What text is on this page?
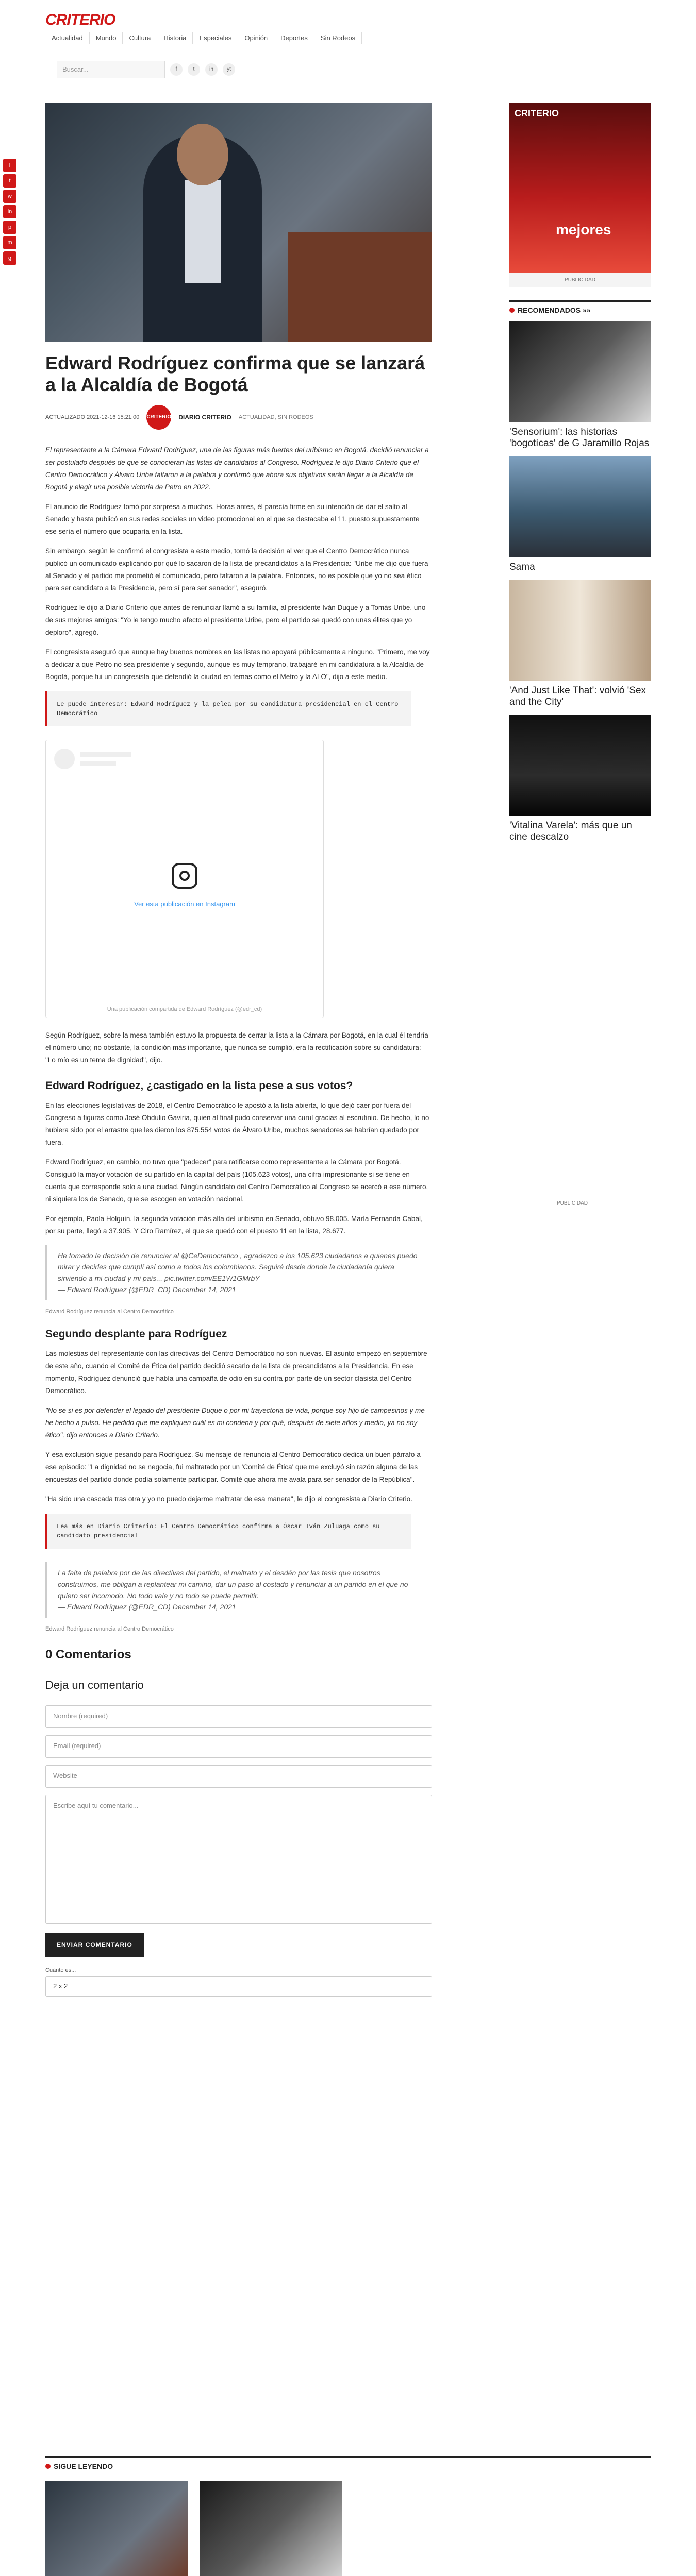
CRITERIO
Actualidad	Mundo	Cultura	Historia	Especiales	Opinión	Deportes	Sin Rodeos
Buscar...	f	t	in	yt
f
t
w
in
p
m
g
Edward Rodríguez confirma que se lanzará a la Alcaldía de Bogotá
ACTUALIZADO 2021-12-16 15:21:00 CRITERIO DIARIO CRITERIO ACTUALIDAD, SIN RODEOS

El representante a la Cámara Edward Rodríguez, una de las figuras más fuertes del uribismo en Bogotá, decidió renunciar a ser postulado después de que se conocieran las listas de candidatos al Congreso. Rodríguez le dijo Diario Criterio que el Centro Democrático y Álvaro Uribe faltaron a la palabra y confirmó que ahora sus objetivos serán llegar a la Alcaldía de Bogotá y elegir una posible victoria de Petro en 2022.

El anuncio de Rodríguez tomó por sorpresa a muchos. Horas antes, él parecía firme en su intención de dar el salto al Senado y hasta publicó en sus redes sociales un video promocional en el que se destacaba el 11, puesto supuestamente ese sería el número que ocuparía en la lista.

Sin embargo, según le confirmó el congresista a este medio, tomó la decisión al ver que el Centro Democrático nunca publicó un comunicado explicando por qué lo sacaron de la lista de precandidatos a la Presidencia: "Uribe me dijo que fuera al Senado y el partido me prometió el comunicado, pero faltaron a la palabra. Entonces, no es posible que yo no sea ético para ser candidato a la Presidencia, pero sí para ser senador", aseguró.

Rodríguez le dijo a Diario Criterio que antes de renunciar llamó a su familia, al presidente Iván Duque y a Tomás Uribe, uno de sus mejores amigos: "Yo le tengo mucho afecto al presidente Uribe, pero el partido se quedó con unas élites que yo deploro", agregó.

El congresista aseguró que aunque hay buenos nombres en las listas no apoyará públicamente a ninguno. "Primero, me voy a dedicar a que Petro no sea presidente y segundo, aunque es muy temprano, trabajaré en mi candidatura a la Alcaldía de Bogotá, porque fui un congresista que defendió la ciudad en temas como el Metro y la ALO", dijo a este medio.

Le puede interesar: Edward Rodríguez y la pelea por su candidatura presidencial en el Centro Democrático
Ver esta publicación en Instagram
Una publicación compartida de Edward Rodríguez (@edr_cd)

Según Rodríguez, sobre la mesa también estuvo la propuesta de cerrar la lista a la Cámara por Bogotá, en la cual él tendría el número uno; no obstante, la condición más importante, que nunca se cumplió, era la rectificación sobre su candidatura: "Lo mío es un tema de dignidad", dijo.

Edward Rodríguez, ¿castigado en la lista pese a sus votos?

En las elecciones legislativas de 2018, el Centro Democrático le apostó a la lista abierta, lo que dejó caer por fuera del Congreso a figuras como José Obdulio Gaviria, quien al final pudo conservar una curul gracias al escrutinio. De hecho, lo no hubiera sido por el arrastre que les dieron los 875.554 votos de Álvaro Uribe, muchos senadores se habrían quedado por fuera.

Edward Rodríguez, en cambio, no tuvo que "padecer" para ratificarse como representante a la Cámara por Bogotá. Consiguió la mayor votación de su partido en la capital del país (105.623 votos), una cifra impresionante si se tiene en cuenta que corresponde solo a una ciudad. Ningún candidato del Centro Democrático al Congreso se acercó a ese número, ni siquiera los de Senado, que se escogen en votación nacional.

Por ejemplo, Paola Holguín, la segunda votación más alta del uribismo en Senado, obtuvo 98.005. María Fernanda Cabal, por su parte, llegó a 37.905. Y Ciro Ramírez, el que se quedó con el puesto 11 en la lista, 28.677.

He tomado la decisión de renunciar al @CeDemocratico , agradezco a los 105.623 ciudadanos a quienes puedo mirar y decirles que cumplí así como a todos los colombianos. Seguiré desde donde la ciudadanía quiera sirviendo a mi ciudad y mi país... pic.twitter.com/EE1W1GMrbY
— Edward Rodríguez (@EDR_CD) December 14, 2021
Edward Rodríguez renuncia al Centro Democrático
Segundo desplante para Rodríguez

Las molestias del representante con las directivas del Centro Democrático no son nuevas. El asunto empezó en septiembre de este año, cuando el Comité de Ética del partido decidió sacarlo de la lista de precandidatos a la Presidencia. En ese momento, Rodríguez denunció que había una campaña de odio en su contra por parte de un sector clasista del Centro Democrático.

"No se si es por defender el legado del presidente Duque o por mi trayectoria de vida, porque soy hijo de campesinos y me he hecho a pulso. He pedido que me expliquen cuál es mi condena y por qué, después de siete años y medio, ya no soy ético", dijo entonces a Diario Criterio.

Y esa exclusión sigue pesando para Rodríguez. Su mensaje de renuncia al Centro Democrático dedica un buen párrafo a ese episodio: "La dignidad no se negocia, fui maltratado por un 'Comité de Ética' que me excluyó sin razón alguna de las encuestas del partido donde podía solamente participar. Comité que ahora me avala para ser senador de la República".

"Ha sido una cascada tras otra y yo no puedo dejarme maltratar de esa manera", le dijo el congresista a Diario Criterio.

Lea más en Diario Criterio: El Centro Democrático confirma a Óscar Iván Zuluaga como su candidato presidencial
La falta de palabra por de las directivas del partido, el maltrato y el desdén por las tesis que nosotros construimos, me obligan a replantear mi camino, dar un paso al costado y renunciar a un partido en el que no quiero ser incomodo. No todo vale y no todo se puede permitir.
— Edward Rodríguez (@EDR_CD) December 14, 2021
Edward Rodríguez renuncia al Centro Democrático
0 Comentarios
Deja un comentario
Nombre (required)
Email (required)
Website
Escribe aquí tu comentario...
ENVIAR COMENTARIO
Cuánto es...
2 x 2
CRITERIO
mejores
PUBLICIDAD
RECOMENDADOS »»
'Sensorium': las historias 'bogotícas' de G Jaramillo Rojas
Sama
'And Just Like That': volvió 'Sex and the City'
'Vitalina Varela': más que un cine descalzo
PUBLICIDAD
SIGUE LEYENDO
